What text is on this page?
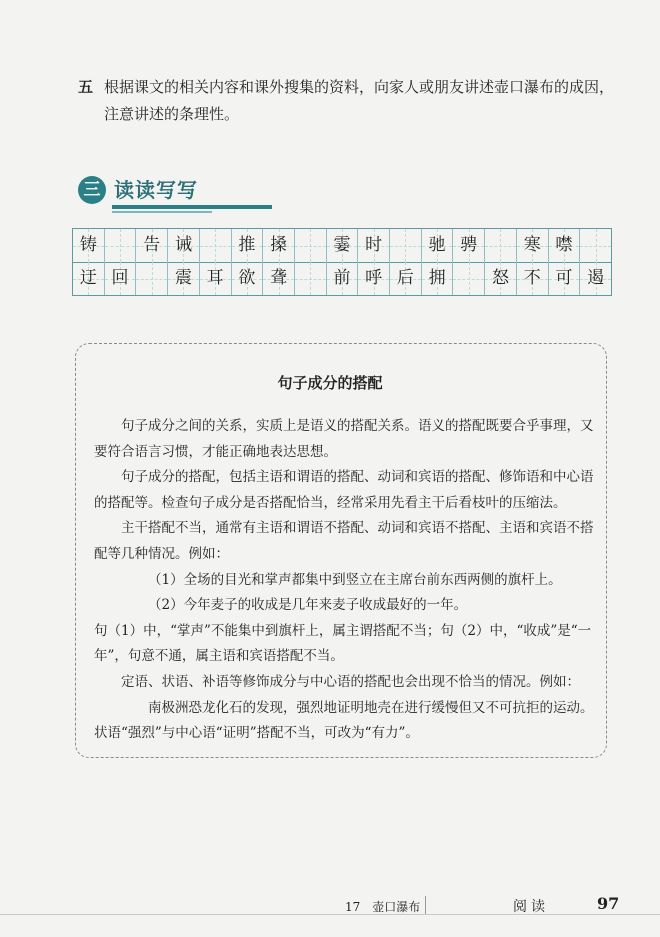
五 根据课文的相关内容和课外搜集的资料，向家人或朋友讲述壶口瀑布的成因，注意讲述的条理性。
三 读读写写
铸	告 诫	推 搡	霎 时	驰 骋	寒 噤
迂 回	震 耳 欲 聋	前 呼 后 拥	怒 不 可 遏
句子成分的搭配

句子成分之间的关系，实质上是语义的搭配关系。语义的搭配既要合乎事理，又要符合语言习惯，才能正确地表达思想。

句子成分的搭配，包括主语和谓语的搭配、动词和宾语的搭配、修饰语和中心语的搭配等。检查句子成分是否搭配恰当，经常采用先看主干后看枝叶的压缩法。

主干搭配不当，通常有主语和谓语不搭配、动词和宾语不搭配、主语和宾语不搭配等几种情况。例如：

（1）全场的目光和掌声都集中到竖立在主席台前东西两侧的旗杆上。

（2）今年麦子的收成是几年来麦子收成最好的一年。

句（1）中，“掌声”不能集中到旗杆上，属主谓搭配不当；句（2）中，“收成”是“一年”，句意不通，属主语和宾语搭配不当。

定语、状语、补语等修饰成分与中心语的搭配也会出现不恰当的情况。例如：

南极洲恐龙化石的发现，强烈地证明地壳在进行缓慢但又不可抗拒的运动。

状语“强烈”与中心语“证明”搭配不当，可改为“有力”。

17　壶口瀑布	阅读	97
